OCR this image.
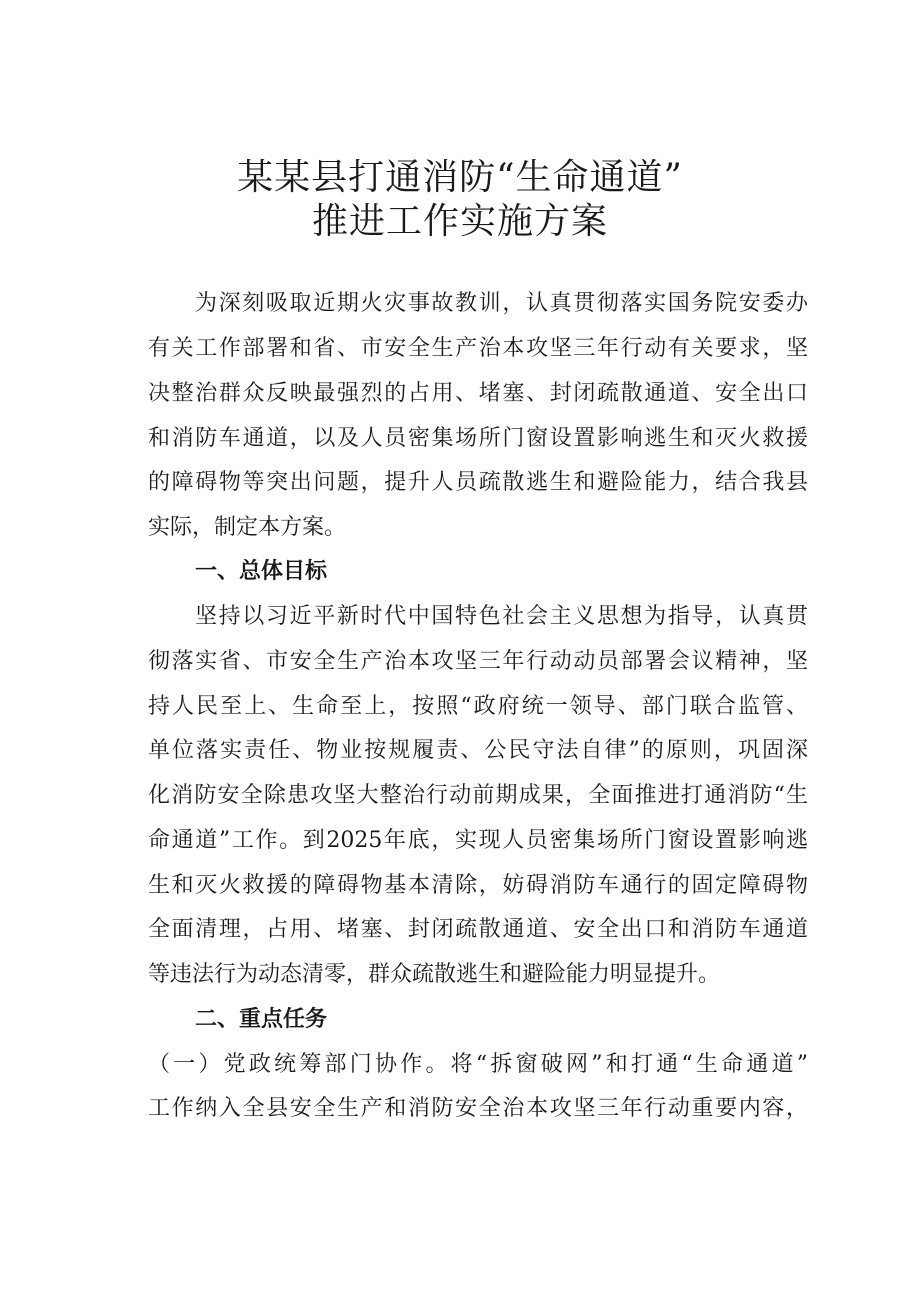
某某县打通消防“生命通道”
推进工作实施方案

为深刻吸取近期火灾事故教训，认真贯彻落实国务院安委办

有关工作部署和省、市安全生产治本攻坚三年行动有关要求，坚

决整治群众反映最强烈的占用、堵塞、封闭疏散通道、安全出口

和消防车通道，以及人员密集场所门窗设置影响逃生和灭火救援

的障碍物等突出问题，提升人员疏散逃生和避险能力，结合我县

实际，制定本方案。

一、总体目标

坚持以习近平新时代中国特色社会主义思想为指导，认真贯

彻落实省、市安全生产治本攻坚三年行动动员部署会议精神，坚

持人民至上、生命至上，按照“政府统一领导、部门联合监管、

单位落实责任、物业按规履责、公民守法自律”的原则，巩固深

化消防安全除患攻坚大整治行动前期成果，全面推进打通消防“生

命通道”工作。到2025年底，实现人员密集场所门窗设置影响逃

生和灭火救援的障碍物基本清除，妨碍消防车通行的固定障碍物

全面清理，占用、堵塞、封闭疏散通道、安全出口和消防车通道

等违法行为动态清零，群众疏散逃生和避险能力明显提升。

二、重点任务

（一）党政统筹部门协作。将“拆窗破网”和打通“生命通道”

工作纳入全县安全生产和消防安全治本攻坚三年行动重要内容，
